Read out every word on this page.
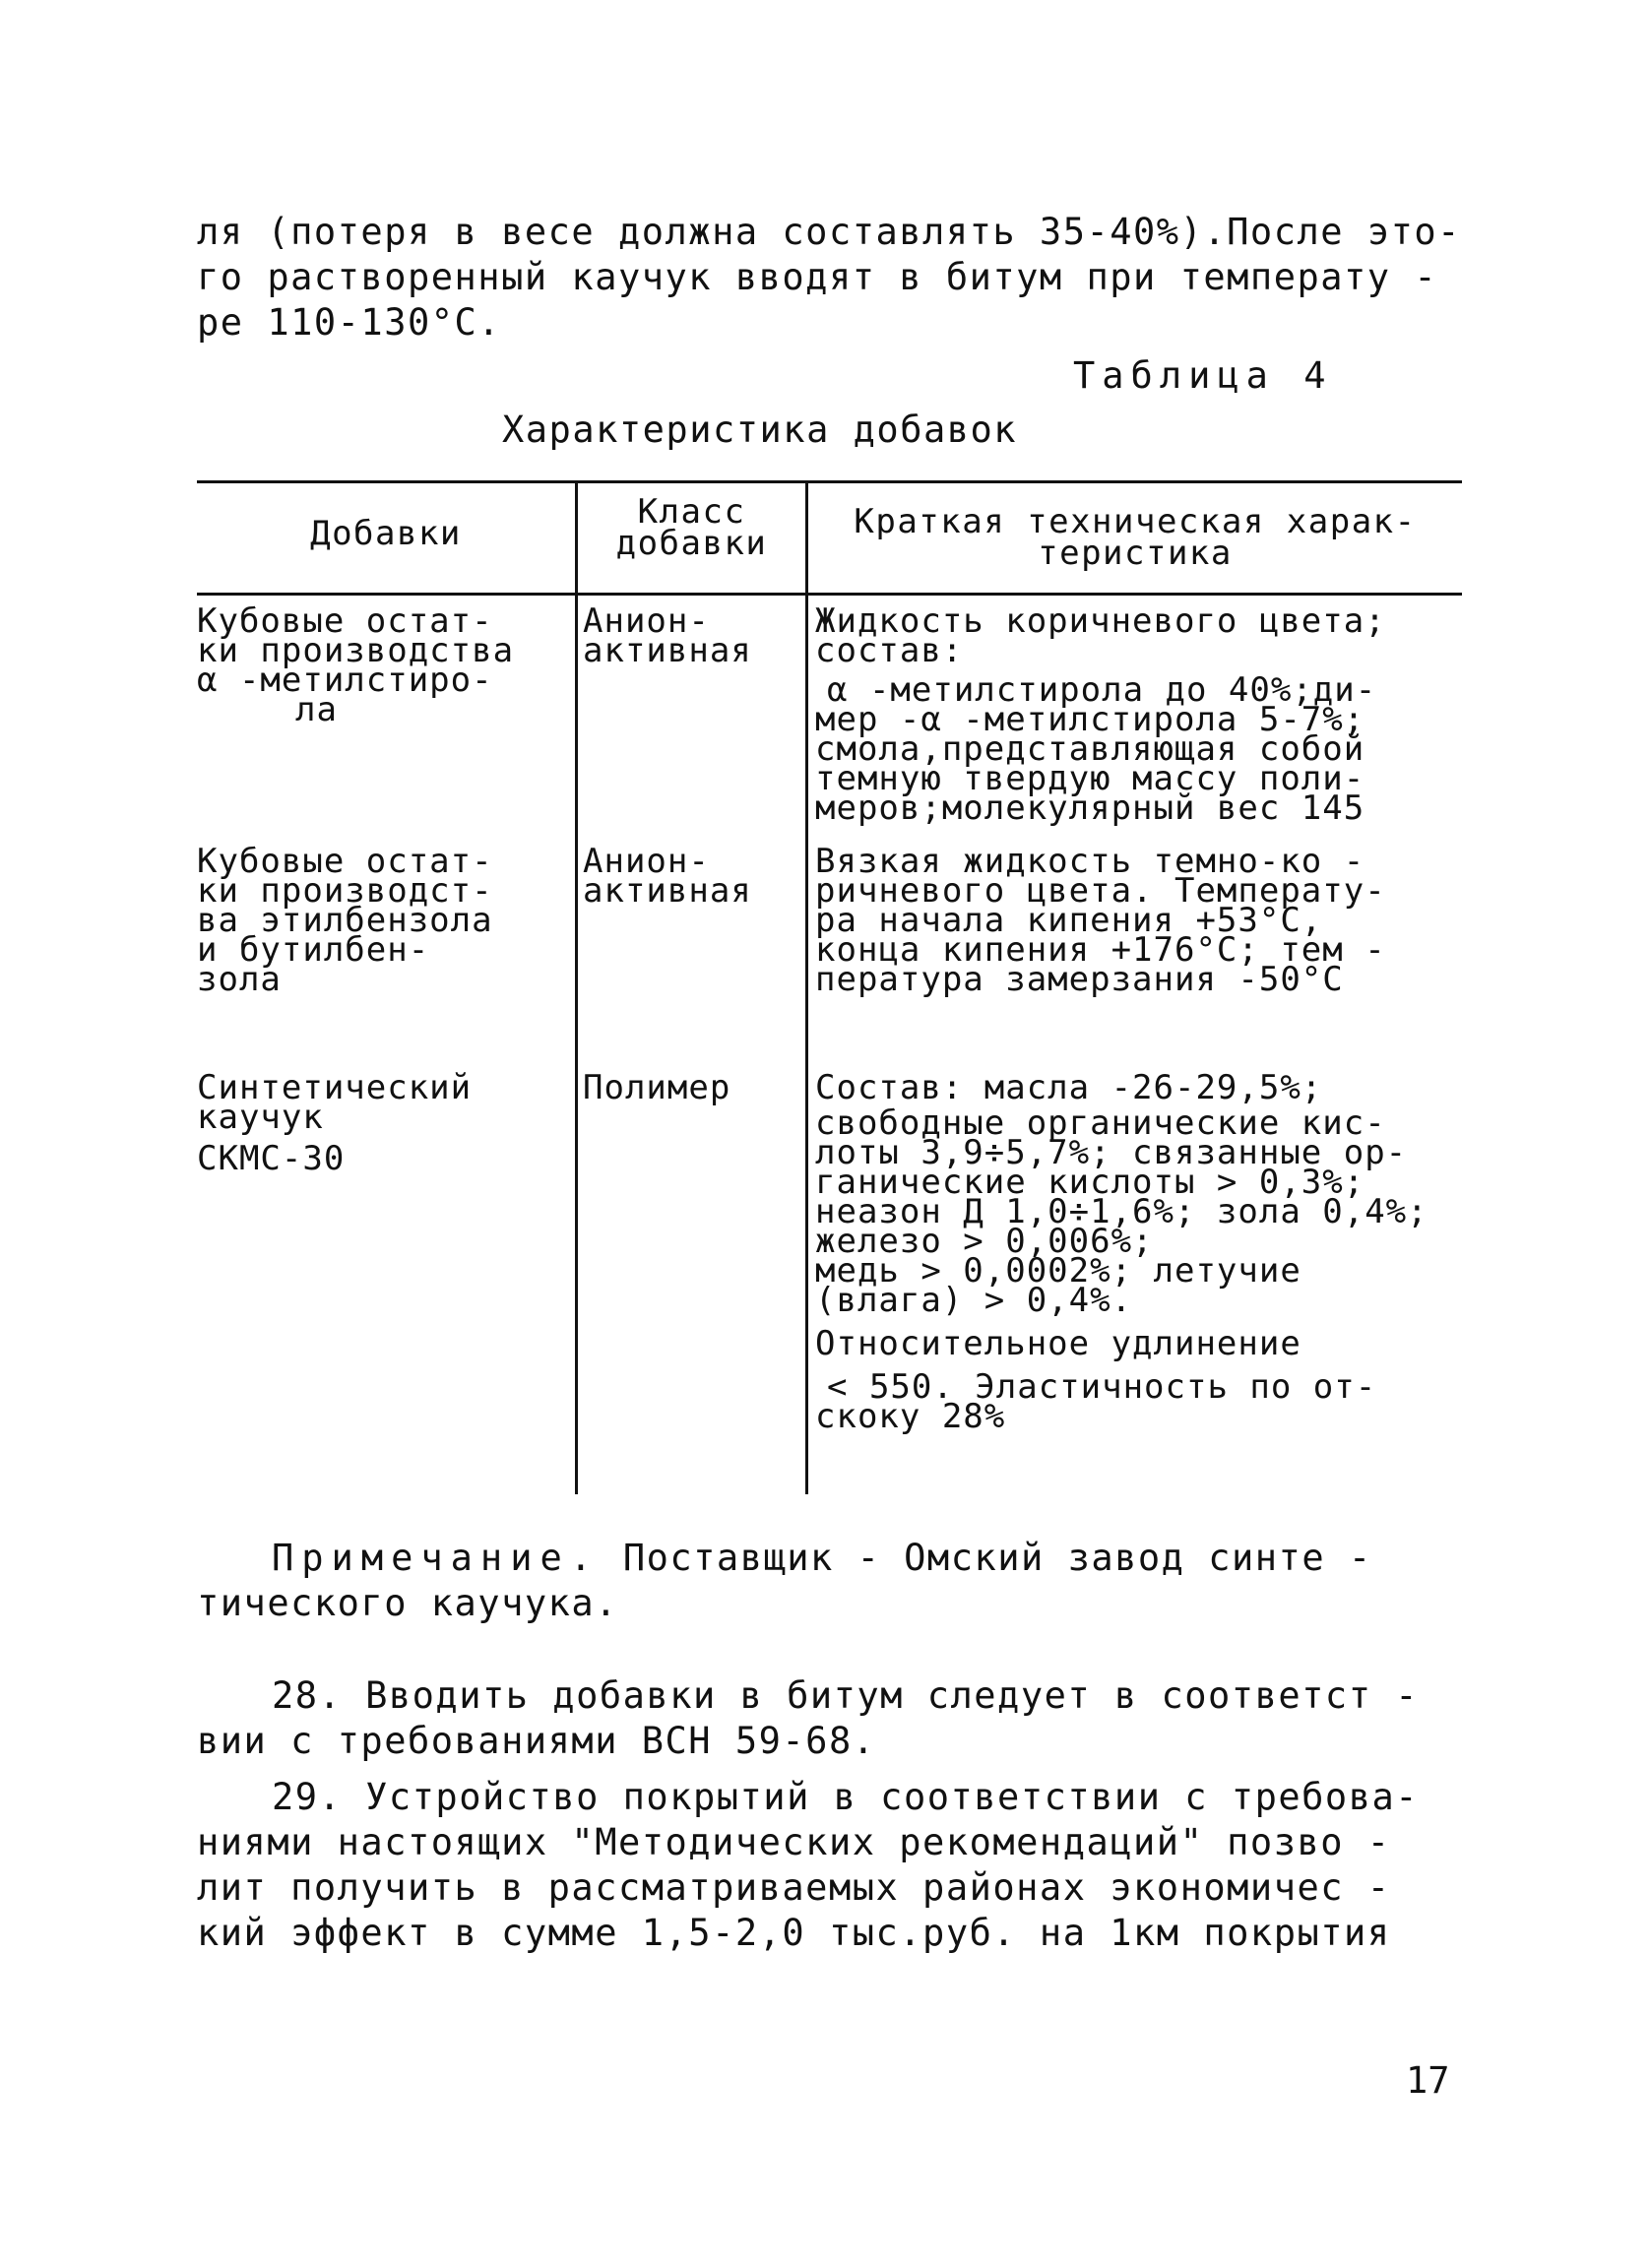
ля (потеря в весе должна составлять 35-40%).После это-
го растворенный каучук вводят в битум при температу -
ре 110-130°С.
Таблица 4
Характеристика добавок
Добавки
Класс
добавки
Краткая техническая харак-
теристика
Кубовые остат-
ки производства
α -метилстиро-
ла
Анион-
активная
Жидкость коричневого цвета;
состав:
α -метилстирола до 40%;ди-
мер -α -метилстирола 5-7%;
смола,представляющая собой
темную твердую массу поли-
меров;молекулярный вес 145
Кубовые остат-
ки производст-
ва этилбензола
и бутилбен-
зола
Анион-
активная
Вязкая жидкость темно-ко -
ричневого цвета. Температу-
ра начала кипения +53°С,
конца кипения +176°С; тем -
пература замерзания -50°С
Синтетический
каучук
СКМС-30
Полимер	Состав: масла -26-29,5%;
свободные органические кис-
лоты 3,9÷5,7%; связанные ор-
ганические кислоты > 0,3%;
неазон Д 1,0÷1,6%; зола 0,4%;
железо > 0,006%;
медь > 0,0002%; летучие
(влага) > 0,4%.
Относительное удлинение
< 550. Эластичность по от-
скоку 28%
Примечание. Поставщик - Омский завод синте -
тического каучука.
28. Вводить добавки в битум следует в соответст -
вии с требованиями ВСН 59-68.
29. Устройство покрытий в соответствии с требова-
ниями настоящих "Методических рекомендаций" позво -
лит получить в рассматриваемых районах экономичес -
кий эффект в сумме 1,5-2,0 тыс.руб. на 1км покрытия
17
